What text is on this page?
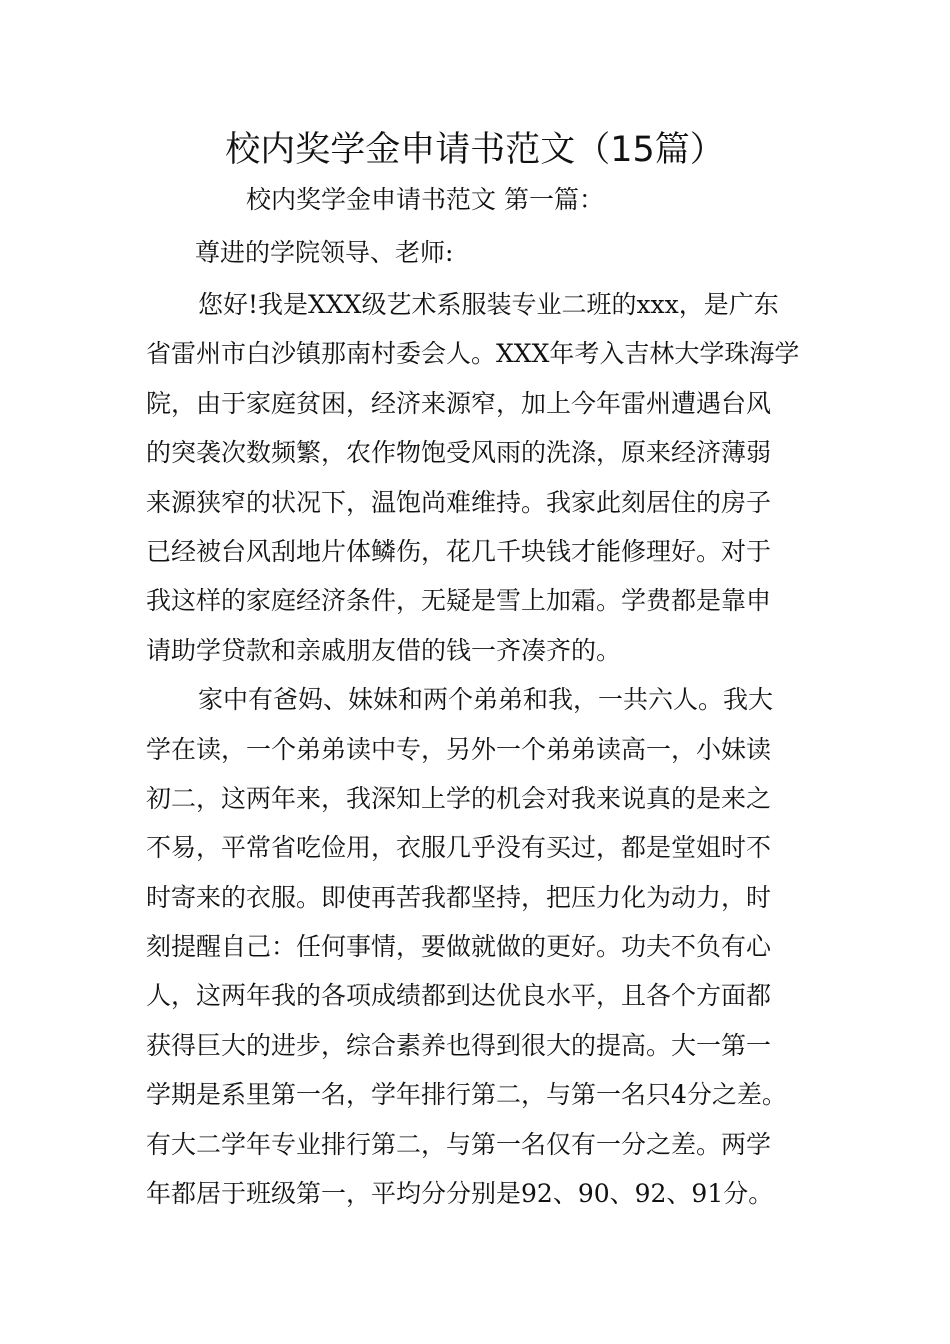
校内奖学金申请书范文（15篇）
校内奖学金申请书范文 第一篇：
尊进的学院领导、老师:
您好!我是XXX级艺术系服装专业二班的xxx，是广东
省雷州市白沙镇那南村委会人。XXX年考入吉林大学珠海学
院，由于家庭贫困，经济来源窄，加上今年雷州遭遇台风
的突袭次数频繁，农作物饱受风雨的洗涤，原来经济薄弱
来源狭窄的状况下，温饱尚难维持。我家此刻居住的房子
已经被台风刮地片体鳞伤，花几千块钱才能修理好。对于
我这样的家庭经济条件，无疑是雪上加霜。学费都是靠申
请助学贷款和亲戚朋友借的钱一齐凑齐的。
家中有爸妈、妹妹和两个弟弟和我，一共六人。我大
学在读，一个弟弟读中专，另外一个弟弟读高一，小妹读
初二，这两年来，我深知上学的机会对我来说真的是来之
不易，平常省吃俭用，衣服几乎没有买过，都是堂姐时不
时寄来的衣服。即使再苦我都坚持，把压力化为动力，时
刻提醒自己：任何事情，要做就做的更好。功夫不负有心
人，这两年我的各项成绩都到达优良水平，且各个方面都
获得巨大的进步，综合素养也得到很大的提高。大一第一
学期是系里第一名，学年排行第二，与第一名只4分之差。
有大二学年专业排行第二，与第一名仅有一分之差。两学
年都居于班级第一，平均分分别是92、90、92、91分。
